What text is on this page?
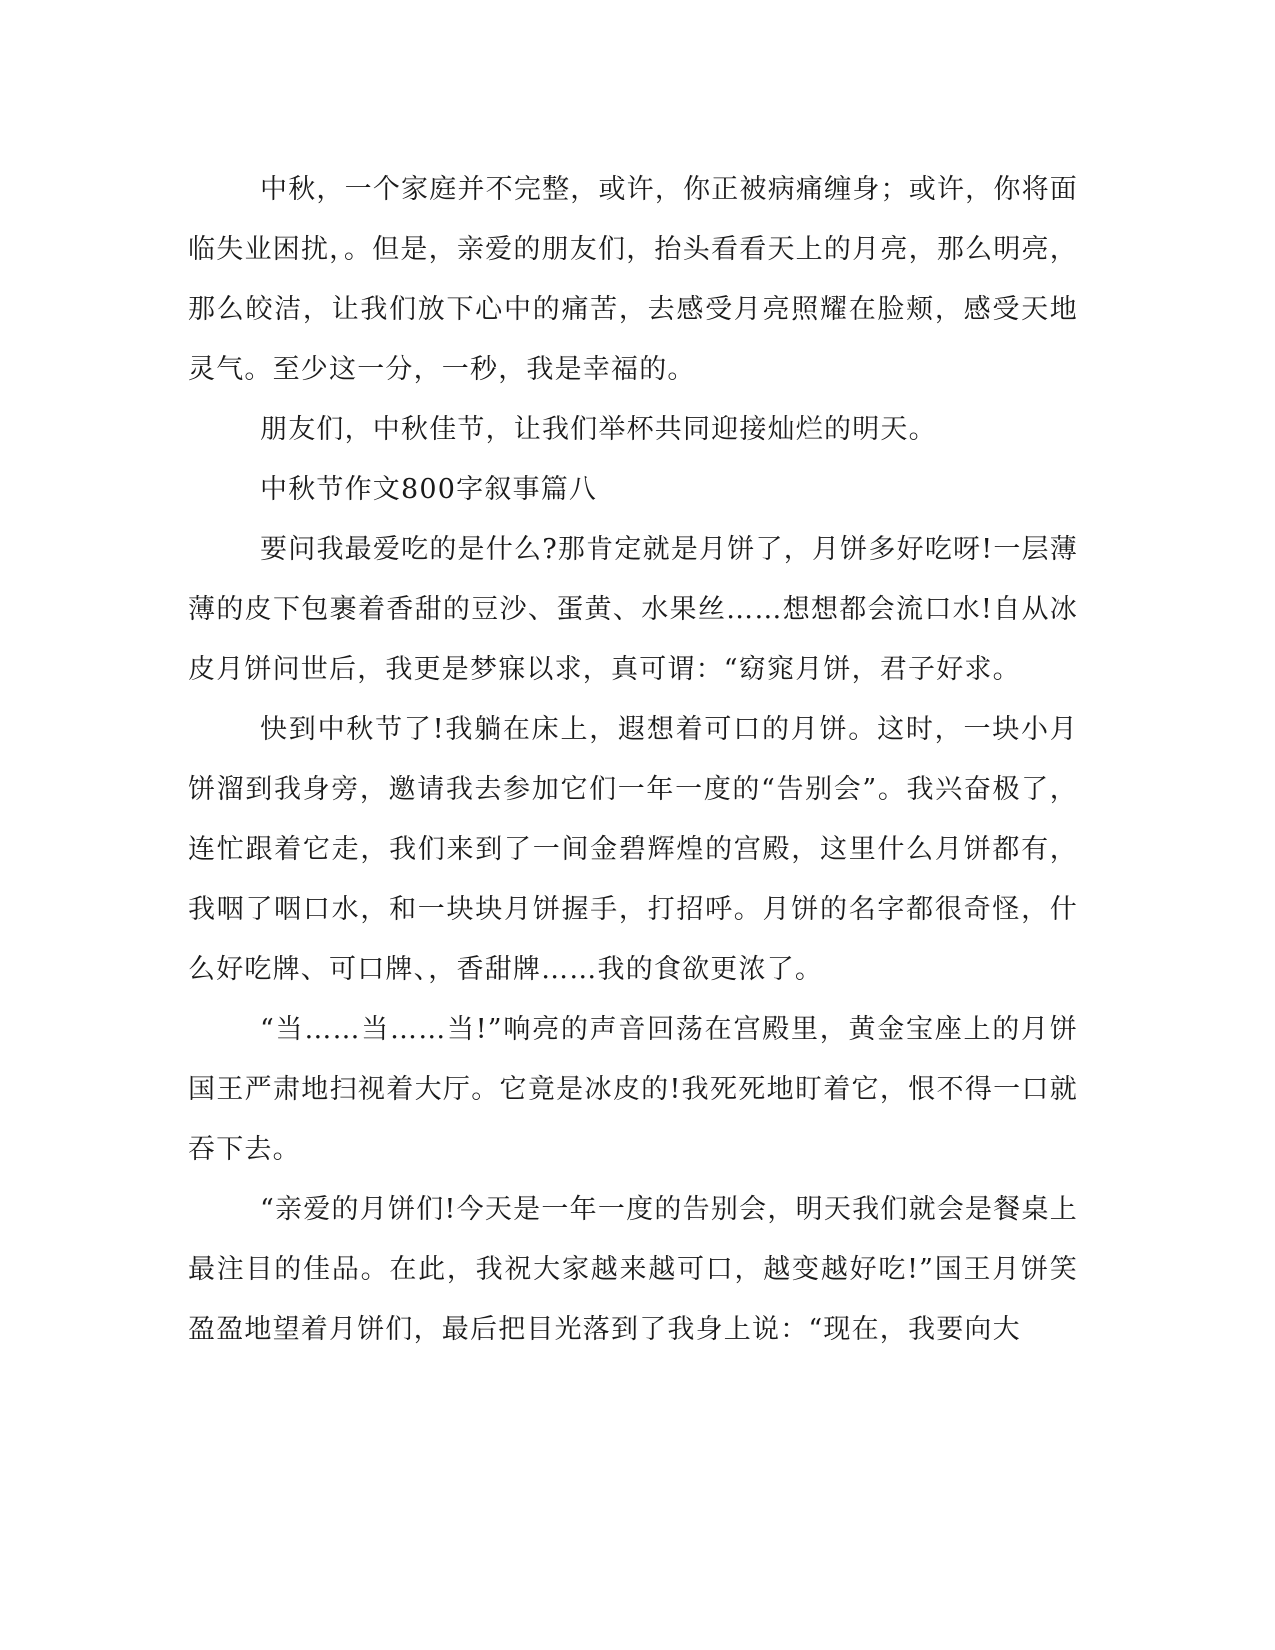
中秋，一个家庭并不完整，或许，你正被病痛缠身；或许，你将面临失业困扰，。但是，亲爱的朋友们，抬头看看天上的月亮，那么明亮，那么皎洁，让我们放下心中的痛苦，去感受月亮照耀在脸颊，感受天地灵气。至少这一分，一秒，我是幸福的。

朋友们，中秋佳节，让我们举杯共同迎接灿烂的明天。

中秋节作文800字叙事篇八

要问我最爱吃的是什么?那肯定就是月饼了，月饼多好吃呀!一层薄薄的皮下包裹着香甜的豆沙、蛋黄、水果丝……想想都会流口水!自从冰皮月饼问世后，我更是梦寐以求，真可谓：“窈窕月饼，君子好求。

快到中秋节了!我躺在床上，遐想着可口的月饼。这时，一块小月饼溜到我身旁，邀请我去参加它们一年一度的“告别会”。我兴奋极了，连忙跟着它走，我们来到了一间金碧辉煌的宫殿，这里什么月饼都有，我咽了咽口水，和一块块月饼握手，打招呼。月饼的名字都很奇怪，什么好吃牌、可口牌、，香甜牌……我的食欲更浓了。

“当……当……当!”响亮的声音回荡在宫殿里，黄金宝座上的月饼国王严肃地扫视着大厅。它竟是冰皮的!我死死地盯着它，恨不得一口就吞下去。

“亲爱的月饼们!今天是一年一度的告别会，明天我们就会是餐桌上最注目的佳品。在此，我祝大家越来越可口，越变越好吃!”国王月饼笑盈盈地望着月饼们，最后把目光落到了我身上说：“现在，我要向大
